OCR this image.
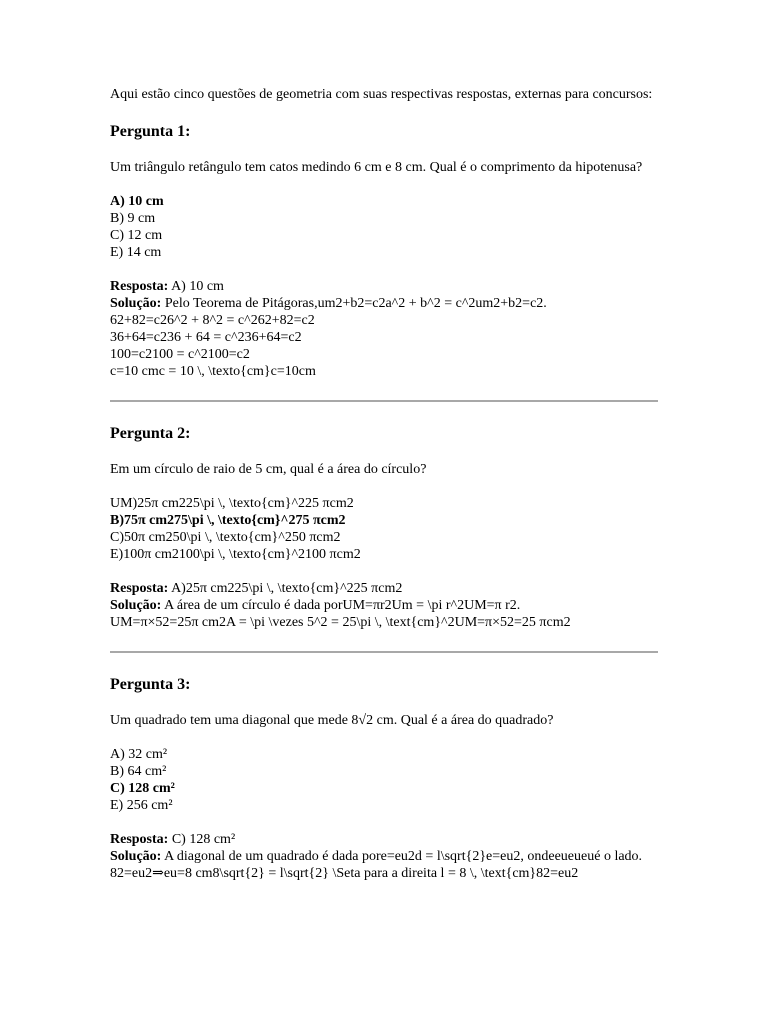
Aqui estão cinco questões de geometria com suas respectivas respostas, externas para concursos:

Pergunta 1:

Um triângulo retângulo tem catos medindo 6 cm e 8 cm. Qual é o comprimento da hipotenusa?

A) 10 cm
B) 9 cm
C) 12 cm
E) 14 cm
Resposta: A) 10 cm
Solução: Pelo Teorema de Pitágoras,um2+b2=c2a^2 + b^2 = c^2um2+b2=c2.
62+82=c26^2 + 8^2 = c^262+82=c2
36+64=c236 + 64 = c^236+64=c2
100=c2100 = c^2100=c2
c=10 cmc = 10 \, \texto{cm}c=10cm
Pergunta 2:

Em um círculo de raio de 5 cm, qual é a área do círculo?

UM)25π cm225\pi \, \texto{cm}^225 πcm2
B)75π cm275\pi \, \texto{cm}^275 πcm2
C)50π cm250\pi \, \texto{cm}^250 πcm2
E)100π cm2100\pi \, \texto{cm}^2100 πcm2
Resposta: A)25π cm225\pi \, \texto{cm}^225 πcm2
Solução: A área de um círculo é dada porUM=πr2Um = \pi r^2UM=π r2.
UM=π×52=25π cm2A = \pi \vezes 5^2 = 25\pi \, \text{cm}^2UM=π×52=25 πcm2
Pergunta 3:

Um quadrado tem uma diagonal que mede 8√2 cm. Qual é a área do quadrado?

A) 32 cm²
B) 64 cm²
C) 128 cm²
E) 256 cm²
Resposta: C) 128 cm²

Solução: A diagonal de um quadrado é dada pore=eu2d = l\sqrt{2}e=eu2, ondeeueueué o lado.

82=eu2⇒eu=8 cm8\sqrt{2} = l\sqrt{2} \Seta para a direita l = 8 \, \text{cm}82=eu2
